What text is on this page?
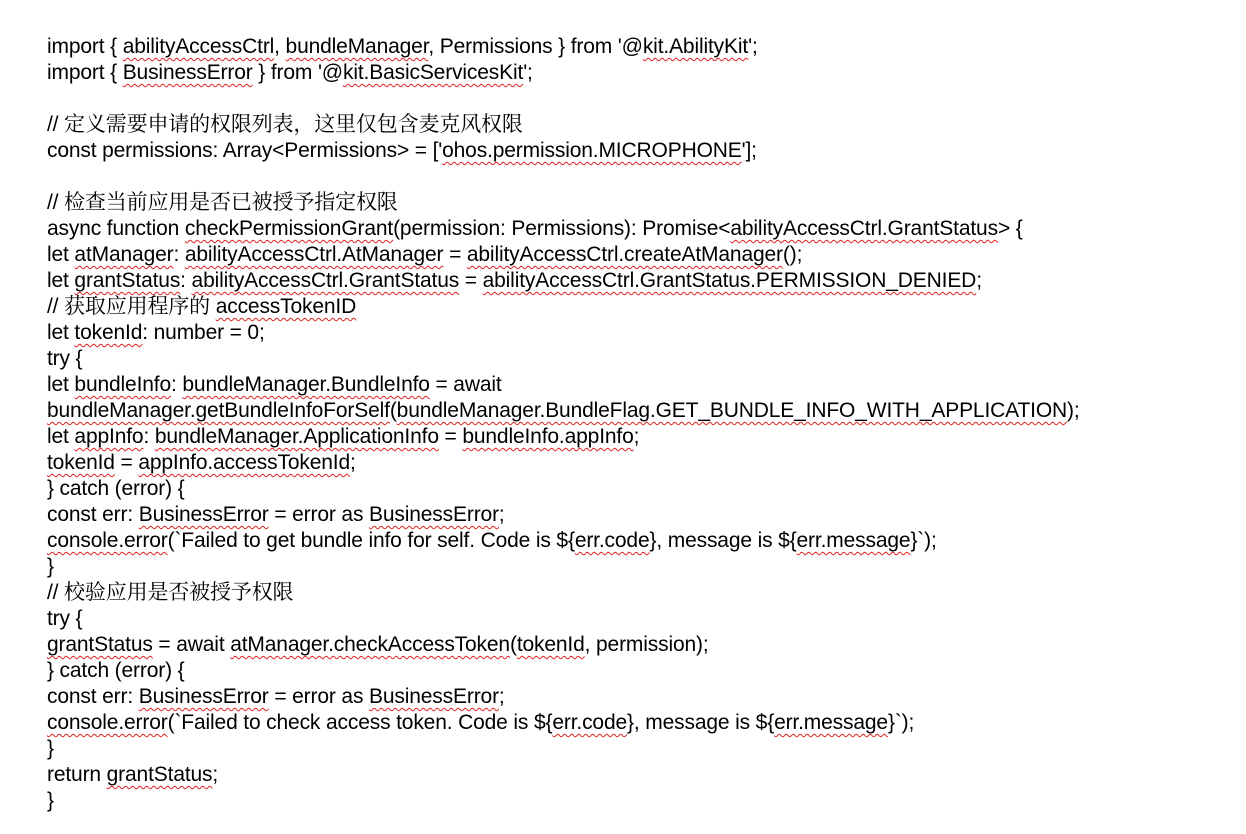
import { abilityAccessCtrl, bundleManager, Permissions } from '@kit.AbilityKit';
import { BusinessError } from '@kit.BasicServicesKit';
// 定义需要申请的权限列表，这里仅包含麦克风权限
const permissions: Array<Permissions> = ['ohos.permission.MICROPHONE'];
// 检查当前应用是否已被授予指定权限
async function checkPermissionGrant(permission: Permissions): Promise<abilityAccessCtrl.GrantStatus> {
let atManager: abilityAccessCtrl.AtManager = abilityAccessCtrl.createAtManager();
let grantStatus: abilityAccessCtrl.GrantStatus = abilityAccessCtrl.GrantStatus.PERMISSION_DENIED;
// 获取应用程序的 accessTokenID
let tokenId: number = 0;
try {
let bundleInfo: bundleManager.BundleInfo = await
bundleManager.getBundleInfoForSelf(bundleManager.BundleFlag.GET_BUNDLE_INFO_WITH_APPLICATION);
let appInfo: bundleManager.ApplicationInfo = bundleInfo.appInfo;
tokenId = appInfo.accessTokenId;
} catch (error) {
const err: BusinessError = error as BusinessError;
console.error(`Failed to get bundle info for self. Code is ${err.code}, message is ${err.message}`);
}
// 校验应用是否被授予权限
try {
grantStatus = await atManager.checkAccessToken(tokenId, permission);
} catch (error) {
const err: BusinessError = error as BusinessError;
console.error(`Failed to check access token. Code is ${err.code}, message is ${err.message}`);
}
return grantStatus;
}
